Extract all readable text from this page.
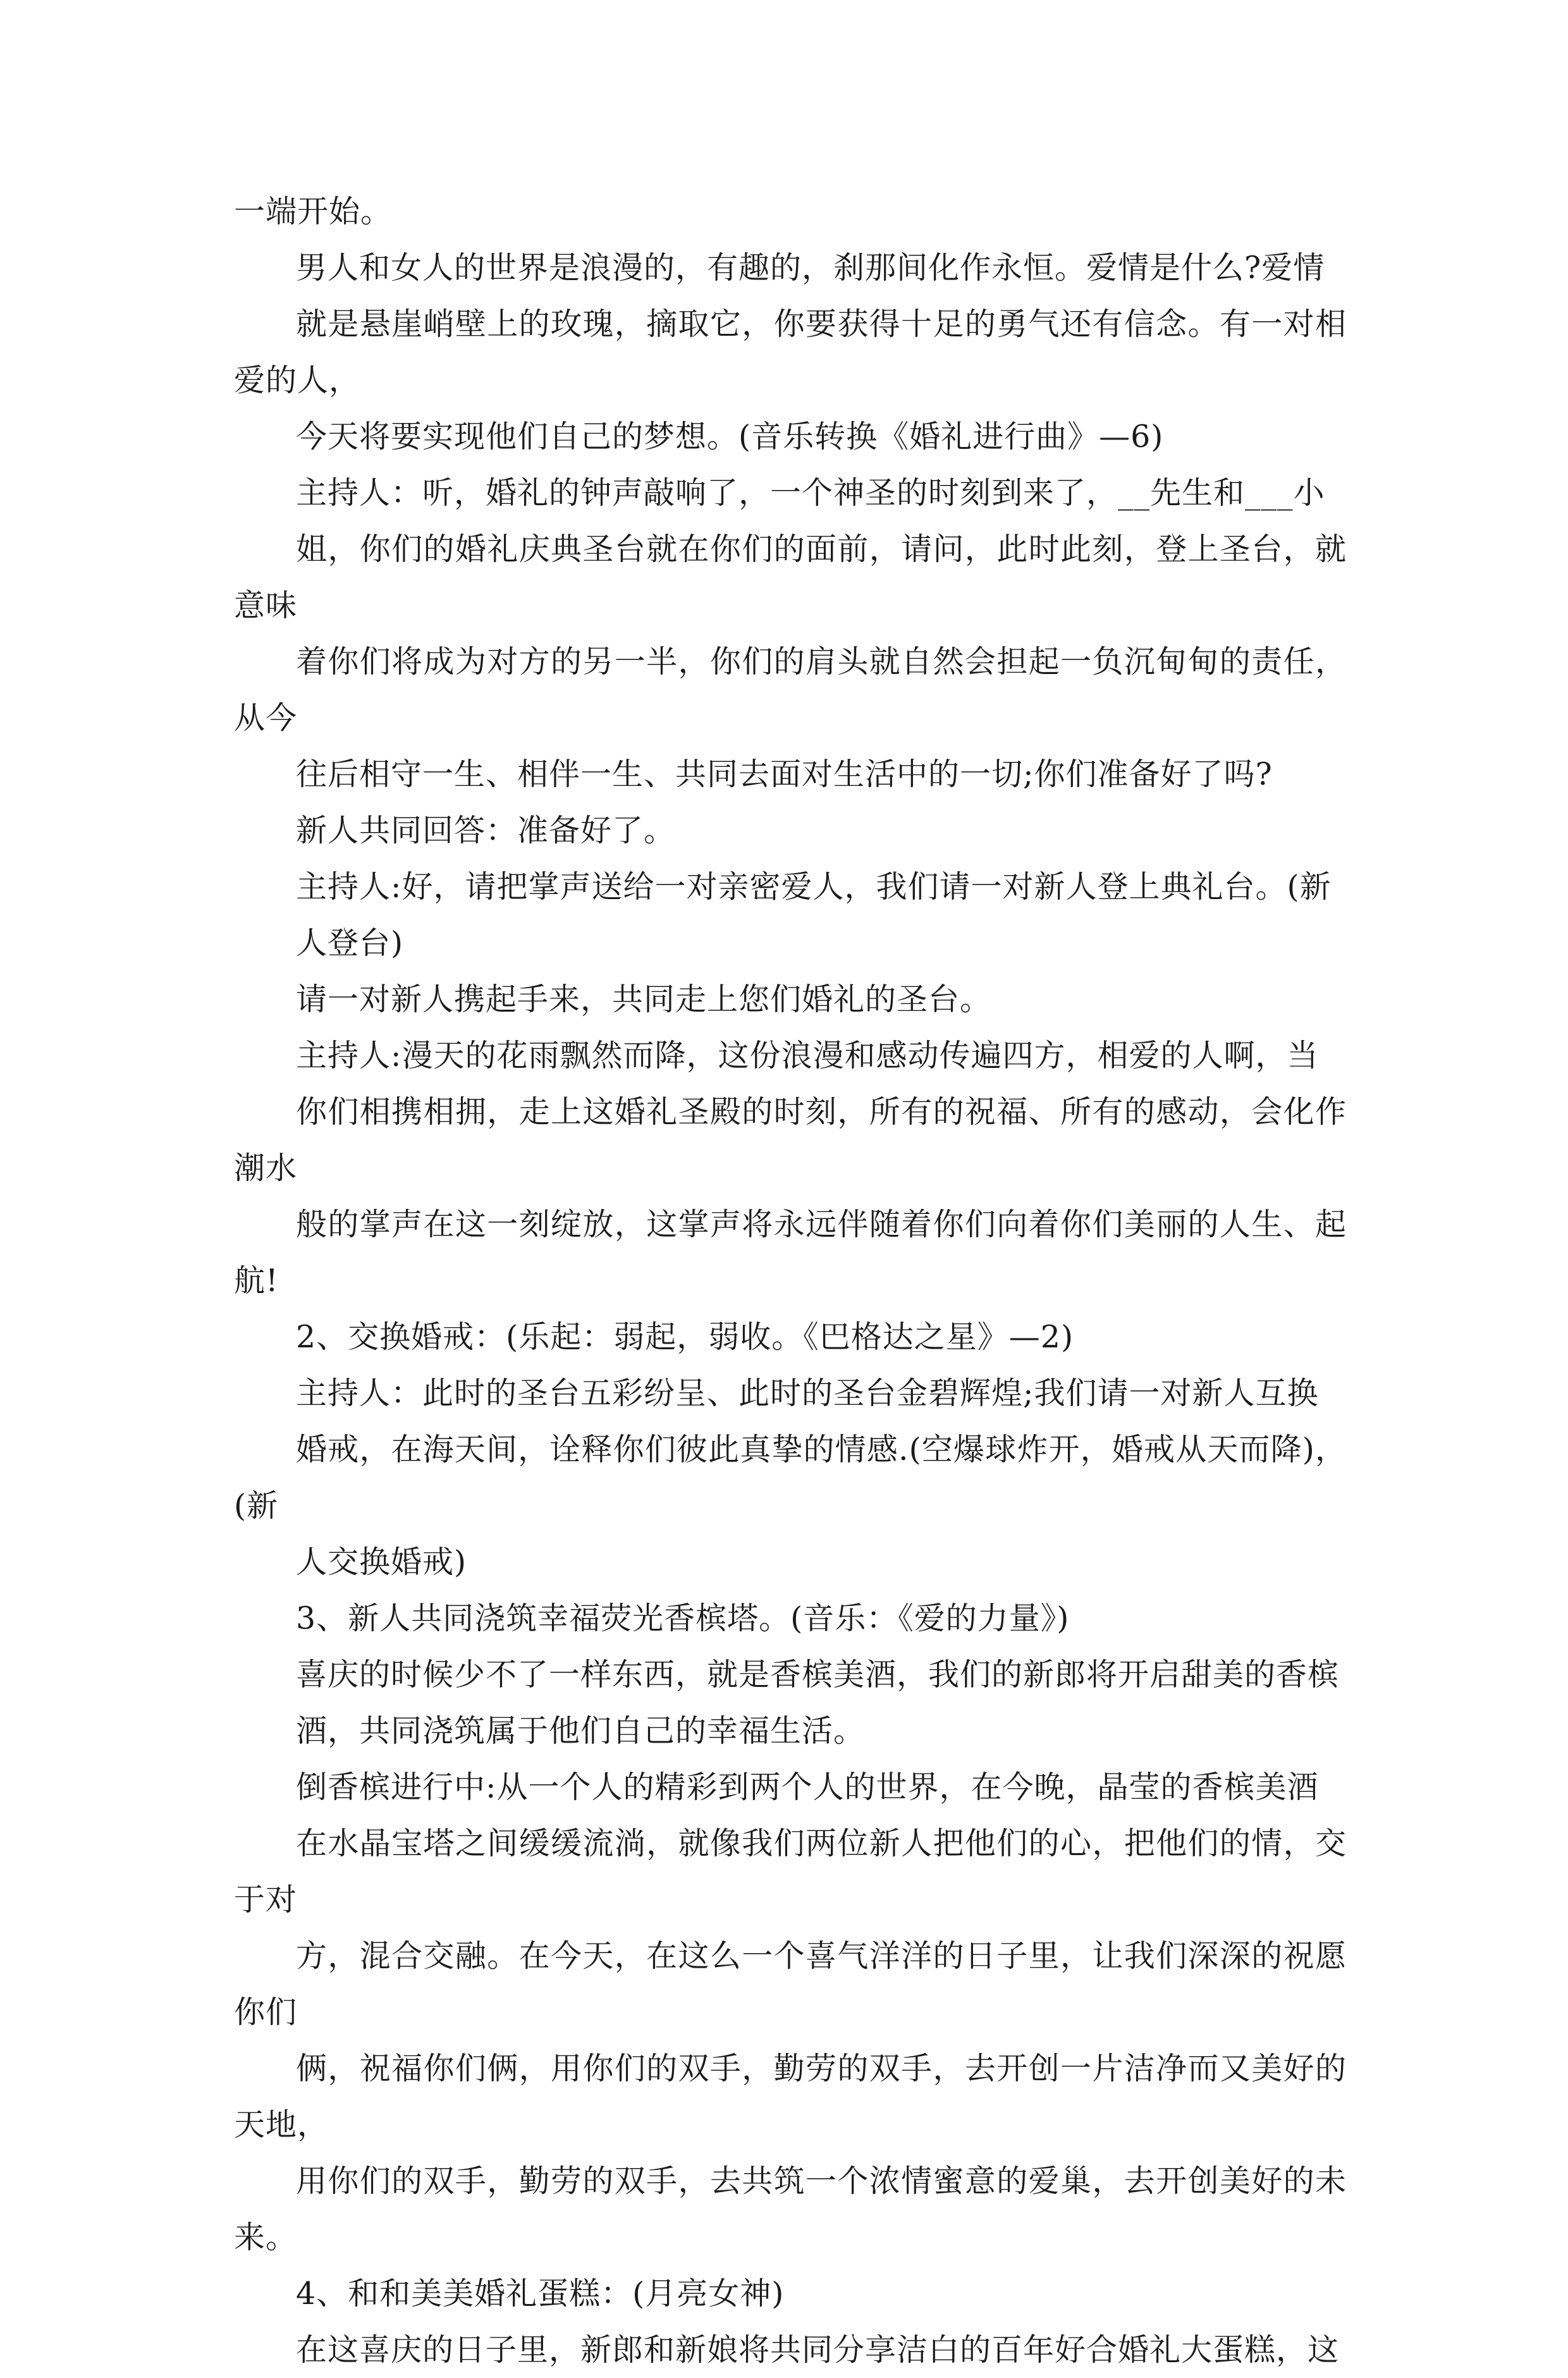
一端开始。
男人和女人的世界是浪漫的，有趣的，刹那间化作永恒。爱情是什么?爱情
就是悬崖峭壁上的玫瑰，摘取它，你要获得十足的勇气还有信念。有一对相爱的人，
今天将要实现他们自己的梦想。(音乐转换《婚礼进行曲》—6)
主持人：听，婚礼的钟声敲响了，一个神圣的时刻到来了，__先生和___小
姐，你们的婚礼庆典圣台就在你们的面前，请问，此时此刻，登上圣台，就意味
着你们将成为对方的另一半，你们的肩头就自然会担起一负沉甸甸的责任，从今
往后相守一生、相伴一生、共同去面对生活中的一切;你们准备好了吗?
新人共同回答：准备好了。
主持人:好，请把掌声送给一对亲密爱人，我们请一对新人登上典礼台。(新
人登台)
请一对新人携起手来，共同走上您们婚礼的圣台。
主持人:漫天的花雨飘然而降，这份浪漫和感动传遍四方，相爱的人啊，当
你们相携相拥，走上这婚礼圣殿的时刻，所有的祝福、所有的感动，会化作潮水
般的掌声在这一刻绽放，这掌声将永远伴随着你们向着你们美丽的人生、起航!
2、交换婚戒：(乐起：弱起，弱收。《巴格达之星》—2)
主持人：此时的圣台五彩纷呈、此时的圣台金碧辉煌;我们请一对新人互换
婚戒，在海天间，诠释你们彼此真挚的情感.(空爆球炸开，婚戒从天而降)，(新
人交换婚戒)
3、新人共同浇筑幸福荧光香槟塔。(音乐：《爱的力量》)
喜庆的时候少不了一样东西，就是香槟美酒，我们的新郎将开启甜美的香槟
酒，共同浇筑属于他们自己的幸福生活。
倒香槟进行中:从一个人的精彩到两个人的世界，在今晚，晶莹的香槟美酒
在水晶宝塔之间缓缓流淌，就像我们两位新人把他们的心，把他们的情，交于对
方，混合交融。在今天，在这么一个喜气洋洋的日子里，让我们深深的祝愿你们
俩，祝福你们俩，用你们的双手，勤劳的双手，去开创一片洁净而又美好的天地，
用你们的双手，勤劳的双手，去共筑一个浓情蜜意的爱巢，去开创美好的未来。
4、和和美美婚礼蛋糕：(月亮女神)
在这喜庆的日子里，新郎和新娘将共同分享洁白的百年好合婚礼大蛋糕，这
